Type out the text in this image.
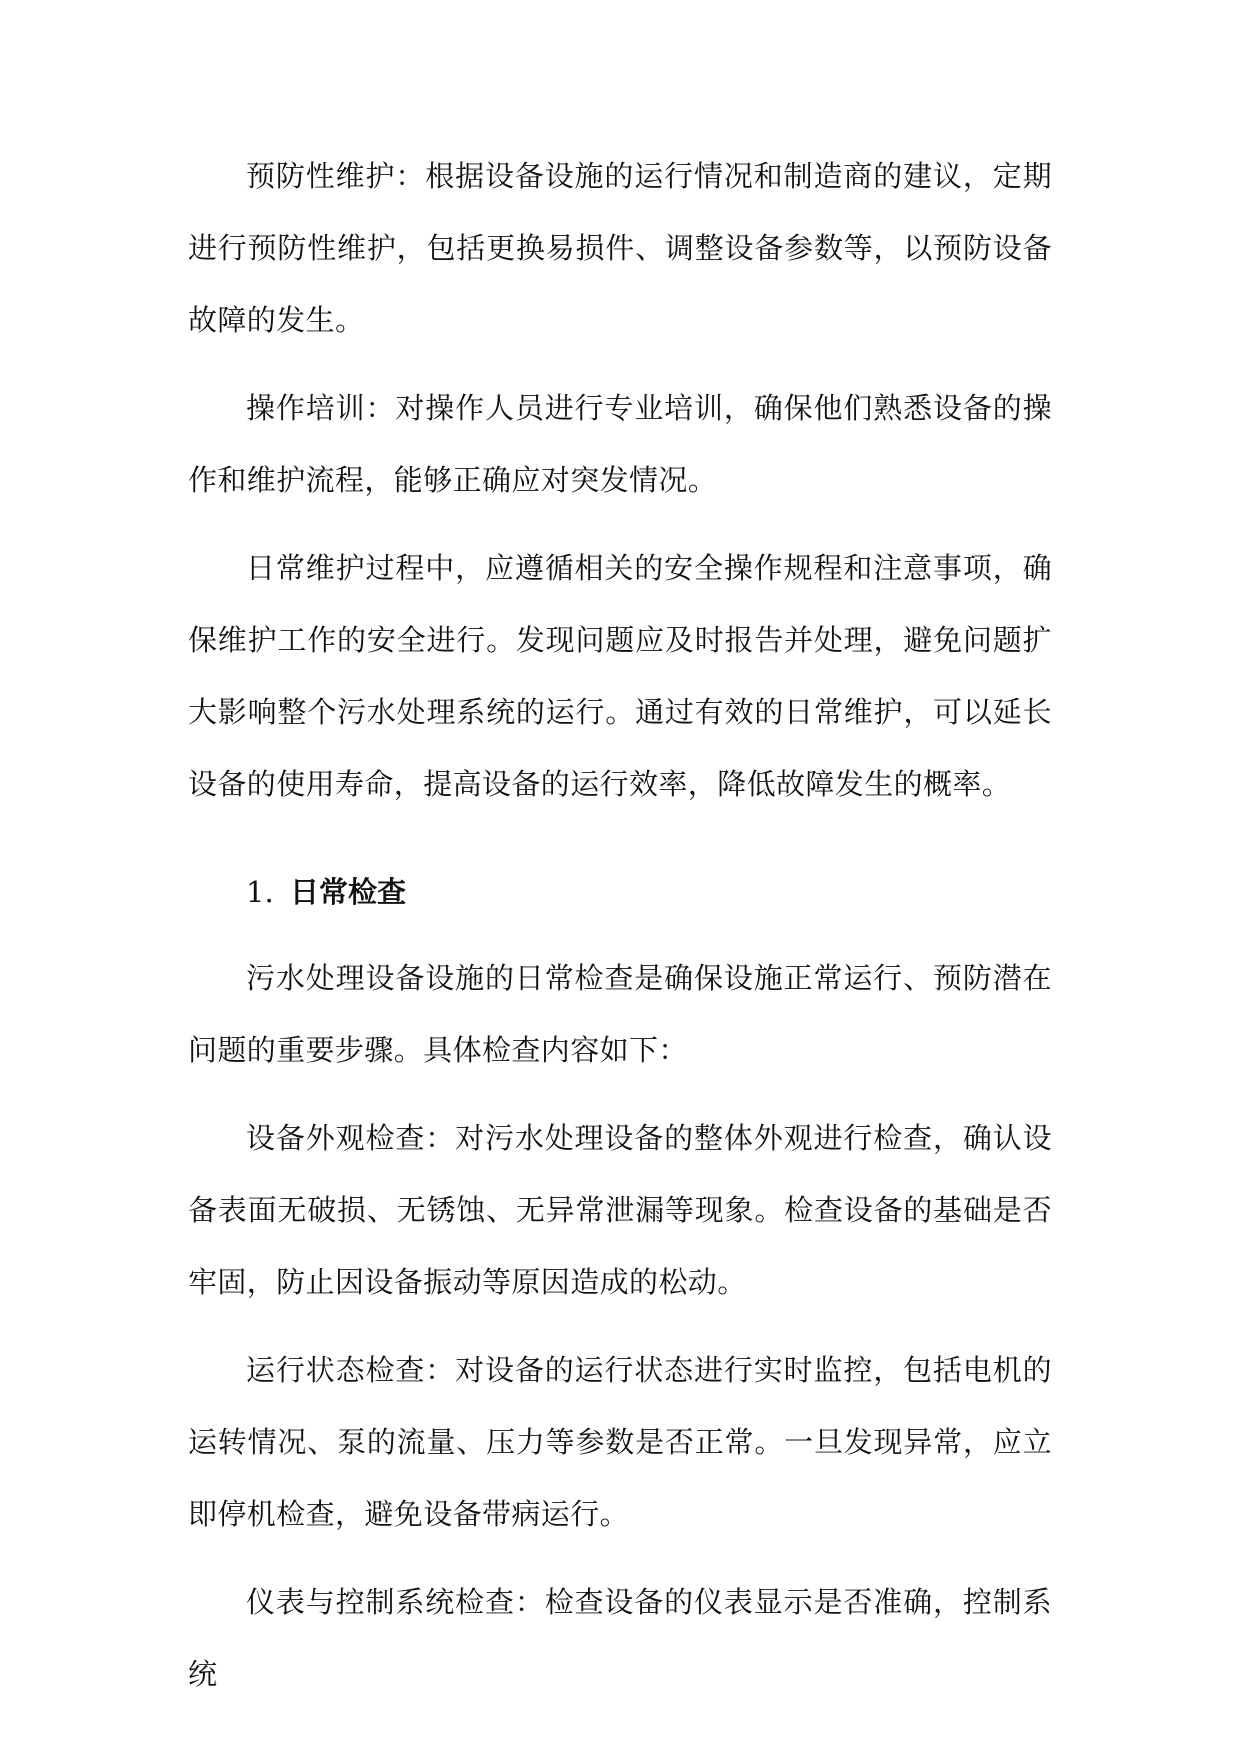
预防性维护：根据设备设施的运行情况和制造商的建议，定期进行预防性维护，包括更换易损件、调整设备参数等，以预防设备故障的发生。

操作培训：对操作人员进行专业培训，确保他们熟悉设备的操作和维护流程，能够正确应对突发情况。

日常维护过程中，应遵循相关的安全操作规程和注意事项，确保维护工作的安全进行。发现问题应及时报告并处理，避免问题扩大影响整个污水处理系统的运行。通过有效的日常维护，可以延长设备的使用寿命，提高设备的运行效率，降低故障发生的概率。

1. 日常检查

污水处理设备设施的日常检查是确保设施正常运行、预防潜在问题的重要步骤。具体检查内容如下：

设备外观检查：对污水处理设备的整体外观进行检查，确认设备表面无破损、无锈蚀、无异常泄漏等现象。检查设备的基础是否牢固，防止因设备振动等原因造成的松动。

运行状态检查：对设备的运行状态进行实时监控，包括电机的运转情况、泵的流量、压力等参数是否正常。一旦发现异常，应立即停机检查，避免设备带病运行。

仪表与控制系统检查：检查设备的仪表显示是否准确，控制系统
